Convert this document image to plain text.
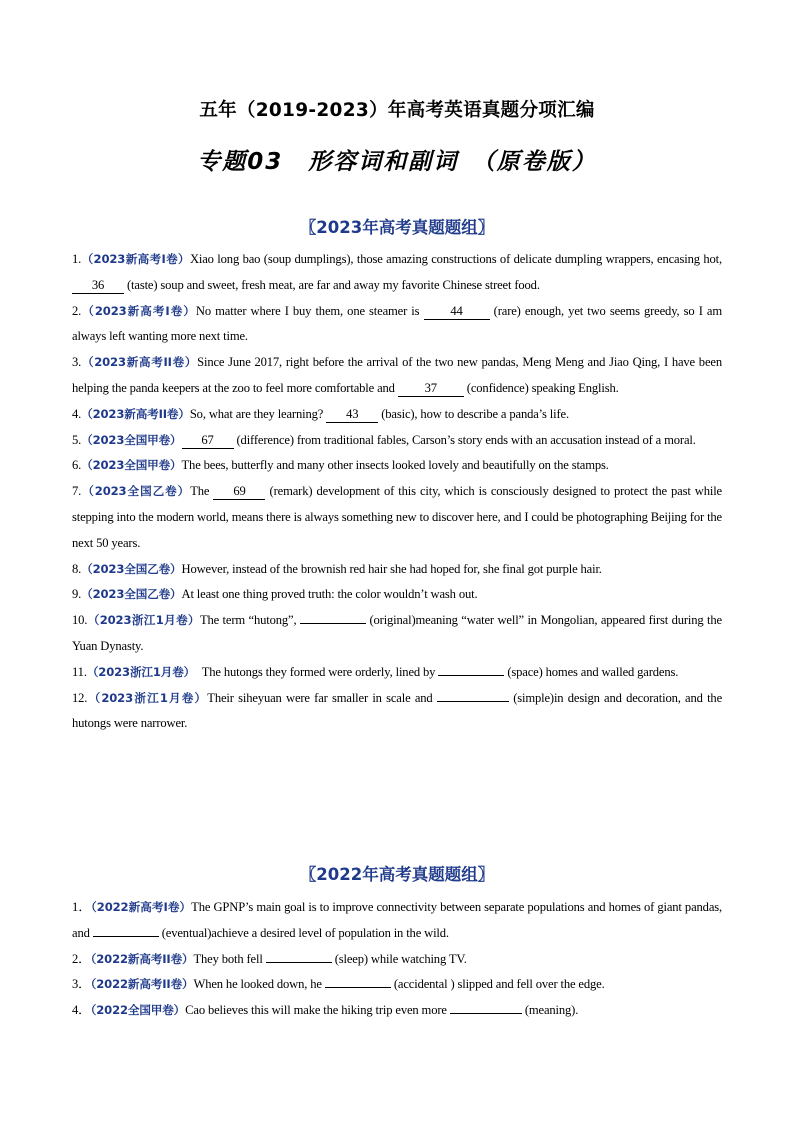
五年（2019-2023）年高考英语真题分项汇编
专题03　形容词和副词　（原卷版）
〖2023年高考真题题组〗

1.（2023新高考I卷）Xiao long bao (soup dumplings), those amazing constructions of delicate dumpling wrappers, encasing hot,36 (taste) soup and sweet, fresh meat, are far and away my favorite Chinese street food.

2.（2023新高考I卷）No matter where I buy them, one steamer is 44 (rare) enough, yet two seems greedy, so I am always left wanting more next time.

3.（2023新高考II卷）Since June 2017, right before the arrival of the two new pandas, Meng Meng and Jiao Qing, I have been helping the panda keepers at the zoo to feel more comfortable and 37 (confidence) speaking English.

4.（2023新高考II卷）So, what are they learning? 43 (basic), how to describe a panda’s life.

5.（2023全国甲卷） 67 (difference) from traditional fables, Carson’s story ends with an accusation instead of a moral.

6.（2023全国甲卷）The bees, butterfly and many other insects looked lovely and beautifully on the stamps.

7.（2023全国乙卷）The 69 (remark) development of this city, which is consciously designed to protect the past while stepping into the modern world, means there is always something new to discover here, and I could be photographing Beijing for the next 50 years.

8.（2023全国乙卷）However, instead of the brownish red hair she had hoped for, she final got purple hair.

9.（2023全国乙卷）At least one thing proved truth: the color wouldn’t wash out.

10.（2023浙江1月卷）The term “hutong”,	(original)meaning “water well” in Mongolian, appeared first during the Yuan Dynasty.

11.（2023浙江1月卷）　The hutongs they formed were orderly, lined by	(space) homes and walled gardens.

12.（2023浙江1月卷）Their siheyuan were far smaller in scale and	(simple)in design and decoration, and the hutongs were narrower.

〖2022年高考真题题组〗

1．（2022新高考I卷）The GPNP’s main goal is to improve connectivity between separate populations and homes of giant pandas, and	(eventual)achieve a desired level of population in the wild.

2．（2022新高考II卷）They both fell	(sleep) while watching TV.

3．（2022新高考II卷）When he looked down, he	(accidental ) slipped and fell over the edge.

4．（2022全国甲卷）Cao believes this will make the hiking trip even more	(meaning).
